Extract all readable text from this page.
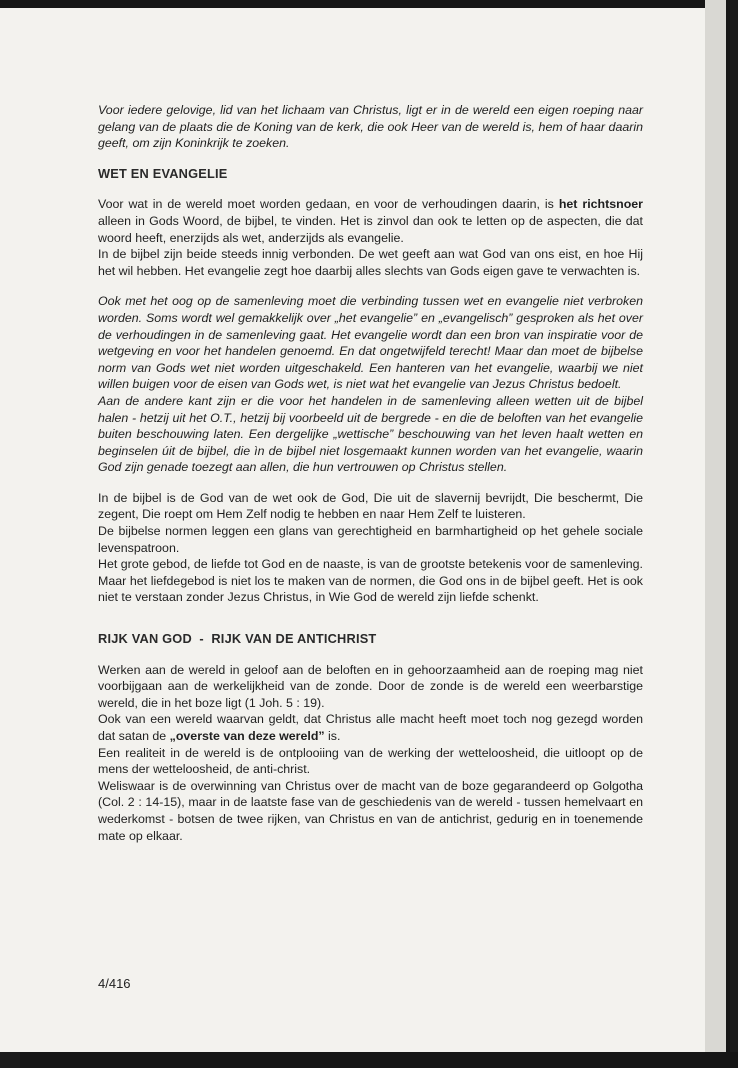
Voor iedere gelovige, lid van het lichaam van Christus, ligt er in de wereld een eigen roeping naar gelang van de plaats die de Koning van de kerk, die ook Heer van de wereld is, hem of haar daarin geeft, om zijn Koninkrijk te zoeken.

WET EN EVANGELIE

Voor wat in de wereld moet worden gedaan, en voor de verhoudingen daarin, is het richtsnoer alleen in Gods Woord, de bijbel, te vinden. Het is zinvol dan ook te letten op de aspecten, die dat woord heeft, enerzijds als wet, anderzijds als evangelie.

In de bijbel zijn beide steeds innig verbonden. De wet geeft aan wat God van ons eist, en hoe Hij het wil hebben. Het evangelie zegt hoe daarbij alles slechts van Gods eigen gave te verwachten is.

Ook met het oog op de samenleving moet die verbinding tussen wet en evangelie niet verbroken worden. Soms wordt wel gemakkelijk over „het evangelie” en „evangelisch” gesproken als het over de verhoudingen in de samenleving gaat. Het evangelie wordt dan een bron van inspiratie voor de wetgeving en voor het handelen genoemd. En dat ongetwijfeld terecht! Maar dan moet de bijbelse norm van Gods wet niet worden uitgeschakeld. Een hanteren van het evangelie, waarbij we niet willen buigen voor de eisen van Gods wet, is niet wat het evangelie van Jezus Christus bedoelt.

Aan de andere kant zijn er die voor het handelen in de samenleving alleen wetten uit de bijbel halen - hetzij uit het O.T., hetzij bij voorbeeld uit de bergrede - en die de beloften van het evangelie buiten beschouwing laten. Een dergelijke „wettische” beschouwing van het leven haalt wetten en beginselen úit de bijbel, die ìn de bijbel niet losgemaakt kunnen worden van het evangelie, waarin God zijn genade toezegt aan allen, die hun vertrouwen op Christus stellen.

In de bijbel is de God van de wet ook de God, Die uit de slavernij bevrijdt, Die beschermt, Die zegent, Die roept om Hem Zelf nodig te hebben en naar Hem Zelf te luisteren.

De bijbelse normen leggen een glans van gerechtigheid en barmhartigheid op het gehele sociale levenspatroon.

Het grote gebod, de liefde tot God en de naaste, is van de grootste betekenis voor de samenleving. Maar het liefdegebod is niet los te maken van de normen, die God ons in de bijbel geeft. Het is ook niet te verstaan zonder Jezus Christus, in Wie God de wereld zijn liefde schenkt.

RIJK VAN GOD  -  RIJK VAN DE ANTICHRIST

Werken aan de wereld in geloof aan de beloften en in gehoorzaamheid aan de roeping mag niet voorbijgaan aan de werkelijkheid van de zonde. Door de zonde is de wereld een weerbarstige wereld, die in het boze ligt (1 Joh. 5 : 19).

Ook van een wereld waarvan geldt, dat Christus alle macht heeft moet toch nog gezegd worden dat satan de „overste van deze wereld” is.

Een realiteit in de wereld is de ontplooiing van de werking der wetteloosheid, die uitloopt op de mens der wetteloosheid, de anti-christ.

Weliswaar is de overwinning van Christus over de macht van de boze gegarandeerd op Golgotha (Col. 2 : 14-15), maar in de laatste fase van de geschiedenis van de wereld - tussen hemelvaart en wederkomst - botsen de twee rijken, van Christus en van de antichrist, gedurig en in toenemende mate op elkaar.

4/416
